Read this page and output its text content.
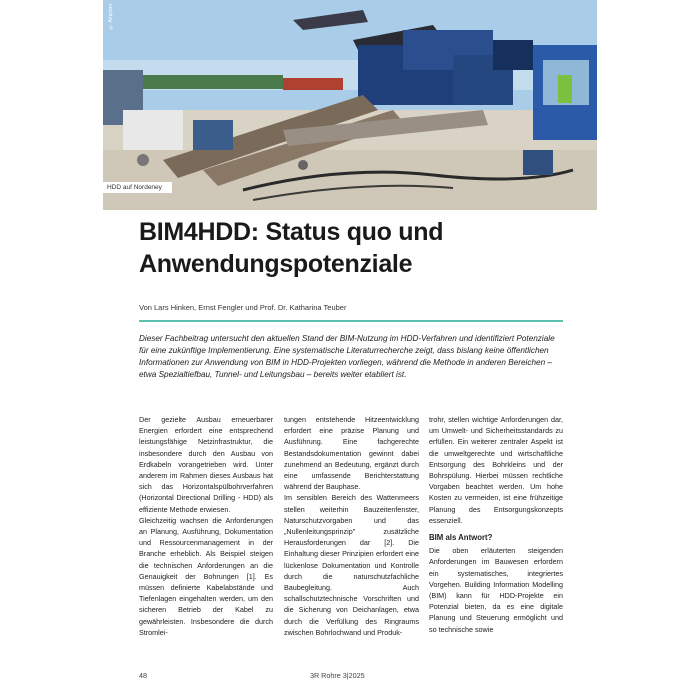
© Amprion
HDD auf Nordeney
BIM4HDD: Status quo und Anwendungspotenziale
Von Lars Hinken, Ernst Fengler und Prof. Dr. Katharina Teuber
Dieser Fachbeitrag untersucht den aktuellen Stand der BIM-Nutzung im HDD-Verfahren und identifiziert Potenziale für eine zukünftige Implementierung. Eine systematische Literaturrecherche zeigt, dass bislang keine öffentlichen Informationen zur Anwendung von BIM in HDD-Projekten vorliegen, während die Methode in anderen Bereichen – etwa Spezialtiefbau, Tunnel- und Leitungsbau – bereits weiter etabliert ist.

Der gezielte Ausbau erneuerbarer Energien erfordert eine entsprechend leistungsfähige Netzinfrastruktur, die insbesondere durch den Ausbau von Erdkabeln vorangetrieben wird. Unter anderem im Rahmen dieses Ausbaus hat sich das Horizontalspülbohrverfahren (Horizontal Directional Drilling - HDD) als effiziente Methode erwiesen.

Gleichzeitig wachsen die Anforderungen an Planung, Ausführung, Dokumentation und Ressourcenmanagement in der Branche erheblich. Als Beispiel steigen die technischen Anforderungen an die Genauigkeit der Bohrungen [1]. Es müssen definierte Kabelabstände und Tiefenlagen eingehalten werden, um den sicheren Betrieb der Kabel zu gewährleisten. Insbesondere die durch Stromlei-

tungen entstehende Hitzeentwicklung erfordert eine präzise Planung und Ausführung. Eine fachgerechte Bestandsdokumentation gewinnt dabei zunehmend an Bedeutung, ergänzt durch eine umfassende Berichterstattung während der Bauphase.

Im sensiblen Bereich des Wattenmeers stellen weiterhin Bauzeitenfenster, Naturschutzvorgaben und das „Nullenleitungsprinzip" zusätzliche Herausforderungen dar [2]. Die Einhaltung dieser Prinzipien erfordert eine lückenlose Dokumentation und Kontrolle durch die naturschutzfachliche Baubegleitung. Auch schallschutztechnische Vorschriften und die Sicherung von Deichanlagen, etwa durch die Verfüllung des Ringraums zwischen Bohrlochwand und Produk-

trohr, stellen wichtige Anforderungen dar, um Umwelt- und Sicherheitsstandards zu erfüllen. Ein weiterer zentraler Aspekt ist die umweltgerechte und wirtschaftliche Entsorgung des Bohrkleins und der Bohrspülung. Hierbei müssen rechtliche Vorgaben beachtet werden. Um hohe Kosten zu vermeiden, ist eine frühzeitige Planung des Entsorgungskonzepts essenziell.

BIM als Antwort?

Die oben erläuterten steigenden Anforderungen im Bauwesen erfordern ein systematisches, integriertes Vorgehen. Building Information Modelling (BIM) kann für HDD-Projekte ein Potenzial bieten, da es eine digitale Planung und Steuerung ermöglicht und so technische sowie

48	3R Rohre 3|2025
